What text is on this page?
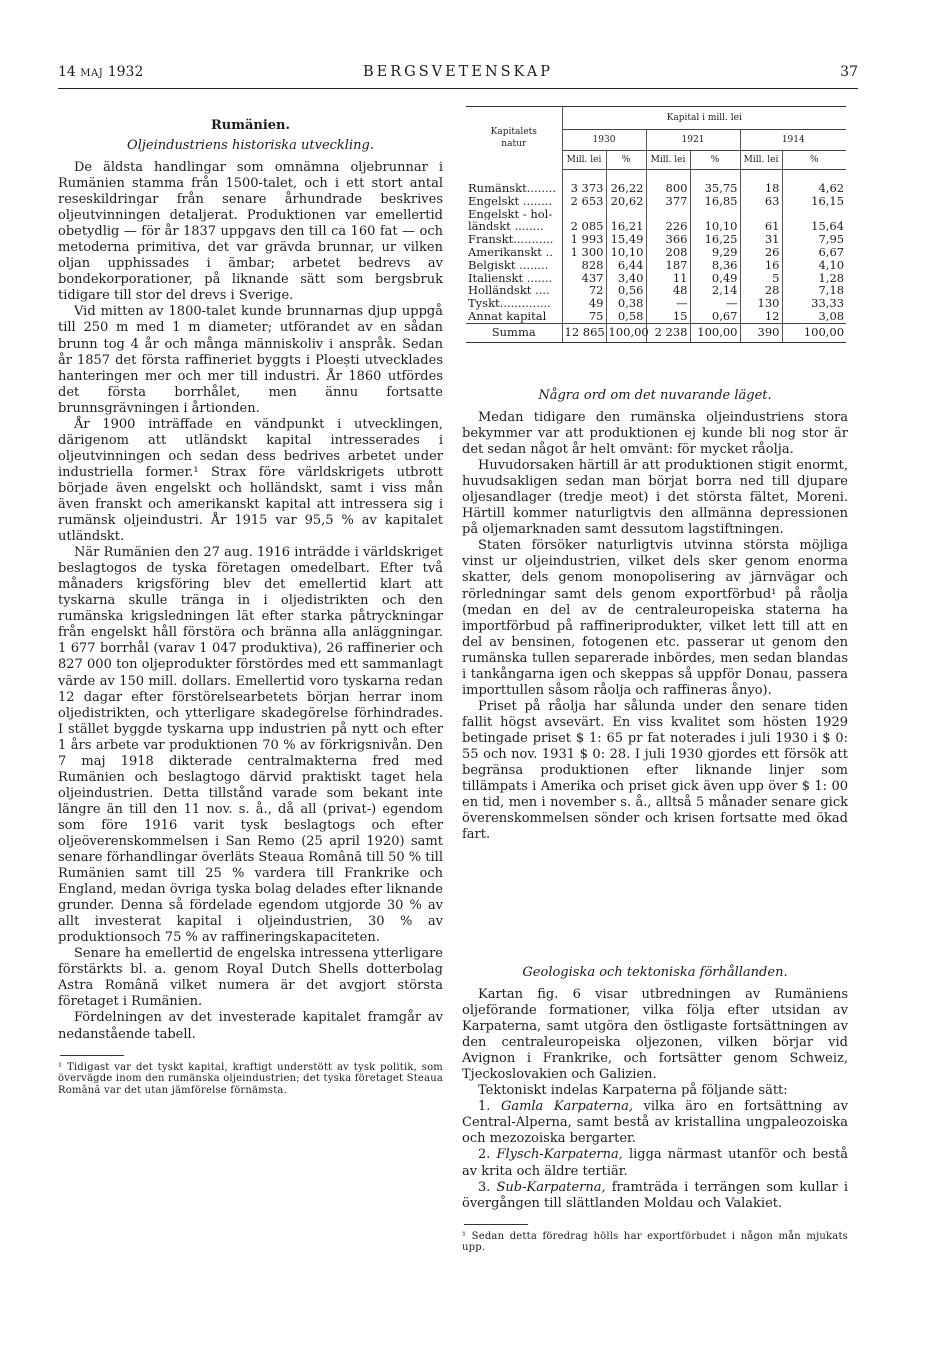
14 MAJ 1932	BERGSVETENSKAP	37
Rumänien.
Oljeindustriens historiska utveckling.

De äldsta handlingar som omnämna oljebrunnar i Rumänien stamma från 1500-talet, och i ett stort antal reseskildringar från senare århundrade beskrives oljeutvinningen detaljerat. Produktionen var emellertid obetydlig — för år 1837 uppgavs den till ca 160 fat — och metoderna primitiva, det var grävda brunnar, ur vilken oljan upphissades i ämbar; arbetet bedrevs av bondekorporationer, på liknande sätt som bergsbruk tidigare till stor del drevs i Sverige.

Vid mitten av 1800-talet kunde brunnarnas djup uppgå till 250 m med 1 m diameter; utförandet av en sådan brunn tog 4 år och många människoliv i anspråk. Sedan år 1857 det första raffineriet byggts i Ploești utvecklades hanteringen mer och mer till industri. År 1860 utfördes det första borrhålet, men ännu fortsatte brunnsgrävningen i årtionden.

År 1900 inträffade en vändpunkt i utvecklingen, därigenom att utländskt kapital intresserades i oljeutvinningen och sedan dess bedrives arbetet under industriella former.¹ Strax före världskrigets utbrott började även engelskt och holländskt, samt i viss mån även franskt och amerikanskt kapital att intressera sig i rumänsk oljeindustri. År 1915 var 95,5 % av kapitalet utländskt.

När Rumänien den 27 aug. 1916 inträdde i världskriget beslagtogos de tyska företagen omedelbart. Efter två månaders krigsföring blev det emellertid klart att tyskarna skulle tränga in i oljedistrikten och den rumänska krigsledningen lät efter starka påtryckningar från engelskt håll förstöra och bränna alla anläggningar. 1 677 borrhål (varav 1 047 produktiva), 26 raffinerier och 827 000 ton oljeprodukter förstördes med ett sammanlagt värde av 150 mill. dollars. Emellertid voro tyskarna redan 12 dagar efter förstörelsearbetets början herrar inom oljedistrikten, och ytterligare skadegörelse förhindrades. I stället byggde tyskarna upp industrien på nytt och efter 1 års arbete var produktionen 70 % av förkrigsnivån. Den 7 maj 1918 dikterade centralmakterna fred med Rumänien och beslagtogo därvid praktiskt taget hela oljeindustrien. Detta tillstånd varade som bekant inte längre än till den 11 nov. s. å., då all (privat-) egendom som före 1916 varit tysk beslagtogs och efter oljeöverenskommelsen i San Remo (25 april 1920) samt senare förhandlingar överläts Steaua Română till 50 % till Rumänien samt till 25 % vardera till Frankrike och England, medan övriga tyska bolag delades efter liknande grunder. Denna så fördelade egendom utgjorde 30 % av allt investerat kapital i oljeindustrien, 30 % av produktionsoch 75 % av raffineringskapaciteten.

Senare ha emellertid de engelska intressena ytterligare förstärkts bl. a. genom Royal Dutch Shells dotterbolag Astra Română vilket numera är det avgjort största företaget i Rumänien.

Fördelningen av det investerade kapitalet framgår av nedanstående tabell.

¹ Tidigast var det tyskt kapital, kraftigt understött av tysk politik, som övervägde inom den rumänska oljeindustrien; det tyska företaget Steaua Română var det utan jämförelse förnämsta.
Kapitalets natur	Kapital i mill. lei					
	1930		1921		1914	
	Mill. lei	%	Mill. lei	%	Mill. lei	%
Rumänskt........	3 373	26,22	800	35,75	18	4,62
Engelskt ........	2 653	20,62	377	16,85	63	16,15
Engelskt - hol-						
ländskt ........	2 085	16,21	226	10,10	61	15,64
Franskt...........	1 993	15,49	366	16,25	31	7,95
Amerikanskt ..	1 300	10,10	208	9,29	26	6,67
Belgiskt ........	828	6,44	187	8,36	16	4,10
Italienskt .......	437	3,40	11	0,49	5	1,28
Holländskt ....	72	0,56	48	2,14	28	7,18
Tyskt..............	49	0,38	—	—	130	33,33
Annat kapital	75	0,58	15	0,67	12	3,08
Summa	12 865	100,00	2 238	100,00	390	100,00
Några ord om det nuvarande läget.

Medan tidigare den rumänska oljeindustriens stora bekymmer var att produktionen ej kunde bli nog stor är det sedan något år helt omvänt: för mycket råolja.

Huvudorsaken härtill är att produktionen stigit enormt, huvudsakligen sedan man börjat borra ned till djupare oljesandlager (tredje meot) i det största fältet, Moreni. Härtill kommer naturligtvis den allmänna depressionen på oljemarknaden samt dessutom lagstiftningen.

Staten försöker naturligtvis utvinna största möjliga vinst ur oljeindustrien, vilket dels sker genom enorma skatter, dels genom monopolisering av järnvägar och rörledningar samt dels genom exportförbud¹ på råolja (medan en del av de centraleuropeiska staterna ha importförbud på raffineriprodukter, vilket lett till att en del av bensinen, fotogenen etc. passerar ut genom den rumänska tullen separerade inbördes, men sedan blandas i tankångarna igen och skeppas så uppför Donau, passera importtullen såsom råolja och raffineras ånyo).

Priset på råolja har sålunda under den senare tiden fallit högst avsevärt. En viss kvalitet som hösten 1929 betingade priset $ 1: 65 pr fat noterades i juli 1930 i $ 0: 55 och nov. 1931 $ 0: 28. I juli 1930 gjordes ett försök att begränsa produktionen efter liknande linjer som tillämpats i Amerika och priset gick även upp över $ 1: 00 en tid, men i november s. å., alltså 5 månader senare gick överenskommelsen sönder och krisen fortsatte med ökad fart.

Geologiska och tektoniska förhållanden.

Kartan fig. 6 visar utbredningen av Rumäniens oljeförande formationer, vilka följa efter utsidan av Karpaterna, samt utgöra den östligaste fortsättningen av den centraleuropeiska oljezonen, vilken börjar vid Avignon i Frankrike, och fortsätter genom Schweiz, Tjeckoslovakien och Galizien.

Tektoniskt indelas Karpaterna på följande sätt:

1. Gamla Karpaterna, vilka äro en fortsättning av Central-Alperna, samt bestå av kristallina ungpaleozoiska och mezozoiska bergarter.

2. Flysch-Karpaterna, ligga närmast utanför och bestå av krita och äldre tertiär.

3. Sub-Karpaterna, framträda i terrängen som kullar i övergången till slättlanden Moldau och Valakiet.

¹ Sedan detta föredrag hölls har exportförbudet i någon mån mjukats upp.
